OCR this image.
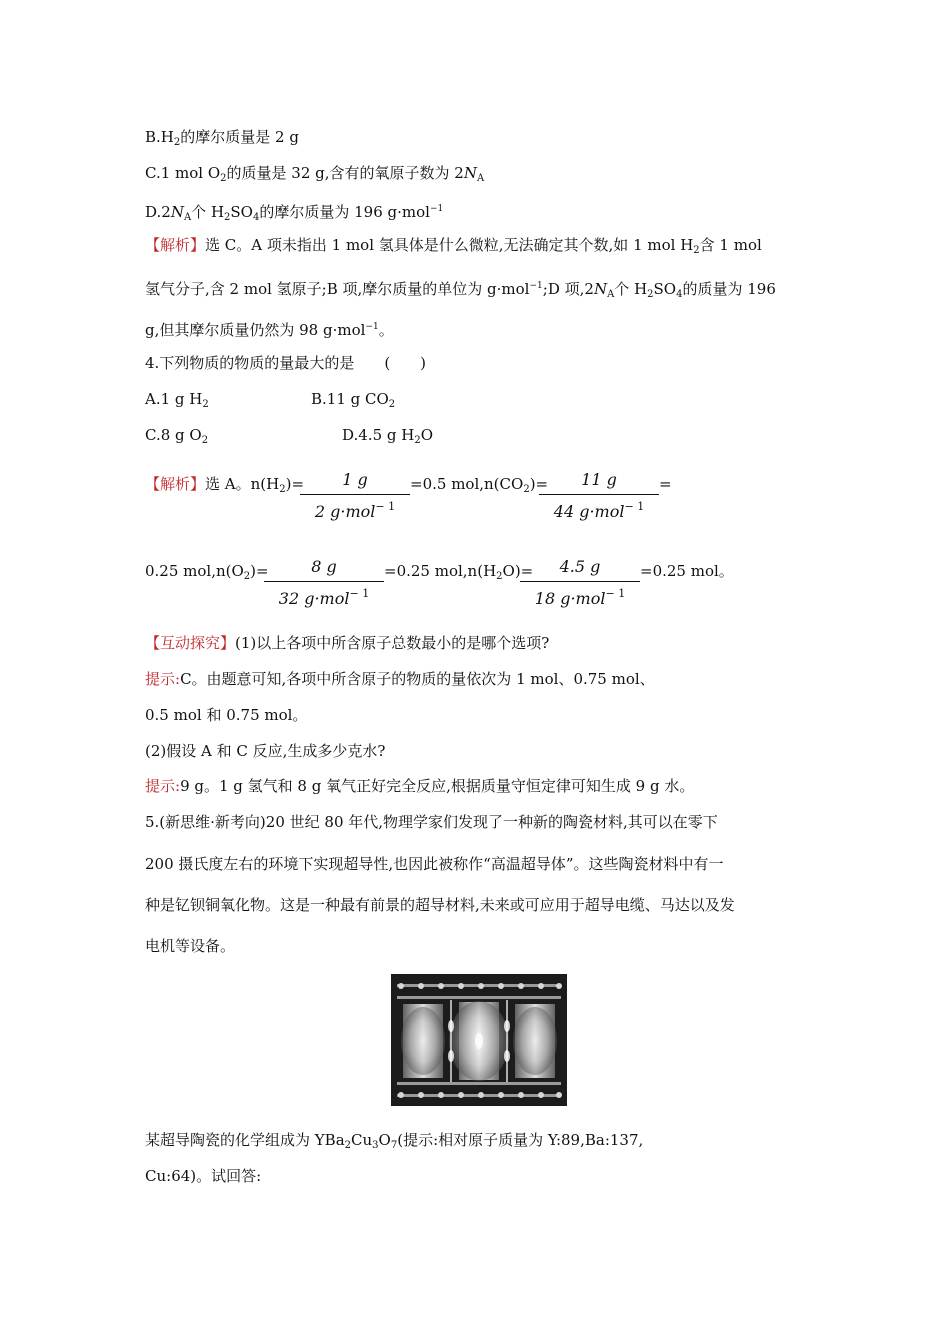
$B.H_2$的摩尔质量是 2 g
C.1 mol $O_2$的质量是 32 g,含有的氧原子数为 $2N_A$
$D.2N_A$个 $H_2SO_4$的摩尔质量为 196 g·mol$^{-1}$
【解析】选 C。A 项未指出 1 mol 氢具体是什么微粒,无法确定其个数,如 1 mol $H_2$含 1 mol
氢气分子,含 2 mol 氢原子;B 项,摩尔质量的单位为 g·mol$^{-1}$;D 项$,2N_A$个 $H_2SO_4$的质量为 196
g,但其摩尔质量仍然为 98 g·mol$^{-1}$。
4.下列物质的物质的量最大的是　　(　　)
A.1 g $H_2$	B.11 g $CO_2$
C.8 g $O_2$	D.4.5 g $H_2O$
【解析】选 A。$n(H_2)=$	1 g
2 g·mol$^{- 1}$
=0.5 $mol,n(CO_2)=$	11 g
44 g·mol$^{- 1}$
=
0.25 $mol,n(O_2)=$	8 g
32 g·mol$^{- 1}$
=0.25 $mol,n(H_2O)=$	4.5 g
18 g·mol$^{- 1}$
=0.25 mol。
【互动探究】(1)以上各项中所含原子总数最小的是哪个选项?
提示:C。由题意可知,各项中所含原子的物质的量依次为 1 mol、0.75 mol、
0.5 mol 和 0.75 mol。
(2)假设 A 和 C 反应,生成多少克水?
提示:9 g。1 g 氢气和 8 g 氧气正好完全反应,根据质量守恒定律可知生成 9 g 水。
5.(新思维·新考向)20 世纪 80 年代,物理学家们发现了一种新的陶瓷材料,其可以在零下
200 摄氏度左右的环境下实现超导性,也因此被称作“高温超导体”。这些陶瓷材料中有一
种是钇钡铜氧化物。这是一种最有前景的超导材料,未来或可应用于超导电缆、马达以及发
电机等设备。
某超导陶瓷的化学组成为 $YBa_2Cu_3O_7$(提示:相对原子质量为 Y:89,Ba:137,
Cu:64)。试回答:
